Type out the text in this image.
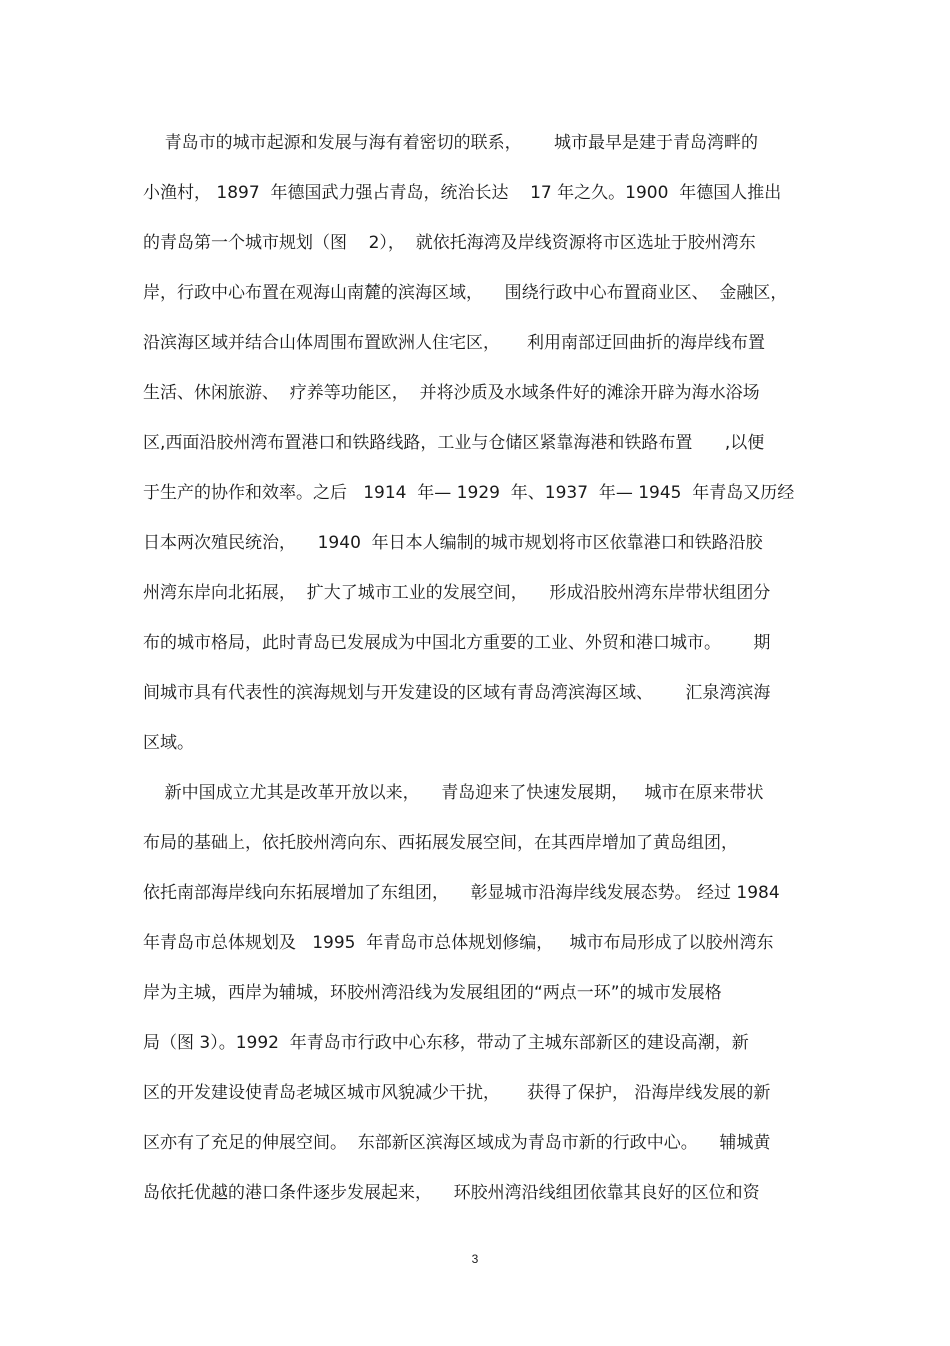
青岛市的城市起源和发展与海有着密切的联系，      城市最早是建于青岛湾畔的
小渔村， 1897  年德国武力强占青岛，统治长达    17 年之久。1900  年德国人推出
的青岛第一个城市规划（图    2），  就依托海湾及岸线资源将市区选址于胶州湾东
岸，行政中心布置在观海山南麓的滨海区域，    围绕行政中心布置商业区、  金融区，
沿滨海区域并结合山体周围布置欧洲人住宅区，     利用南部迂回曲折的海岸线布置
生活、休闲旅游、  疗养等功能区，  并将沙质及水域条件好的滩涂开辟为海水浴场
区,西面沿胶州湾布置港口和铁路线路，工业与仓储区紧靠海港和铁路布置      ,以便
于生产的协作和效率。之后   1914  年— 1929  年、1937  年— 1945  年青岛又历经
日本两次殖民统治，    1940  年日本人编制的城市规划将市区依靠港口和铁路沿胶
州湾东岸向北拓展，  扩大了城市工业的发展空间，    形成沿胶州湾东岸带状组团分
布的城市格局，此时青岛已发展成为中国北方重要的工业、外贸和港口城市。      期
间城市具有代表性的滨海规划与开发建设的区域有青岛湾滨海区域、      汇泉湾滨海
区域。
新中国成立尤其是改革开放以来，    青岛迎来了快速发展期，   城市在原来带状
布局的基础上，依托胶州湾向东、西拓展发展空间，在其西岸增加了黄岛组团，
依托南部海岸线向东拓展增加了东组团，    彰显城市沿海岸线发展态势。 经过 1984
年青岛市总体规划及   1995  年青岛市总体规划修编，   城市布局形成了以胶州湾东
岸为主城，西岸为辅城，环胶州湾沿线为发展组团的“两点一环”的城市发展格
局（图 3）。1992  年青岛市行政中心东移，带动了主城东部新区的建设高潮，新
区的开发建设使青岛老城区城市风貌减少干扰，     获得了保护， 沿海岸线发展的新
区亦有了充足的伸展空间。  东部新区滨海区域成为青岛市新的行政中心。    辅城黄
岛依托优越的港口条件逐步发展起来，    环胶州湾沿线组团依靠其良好的区位和资
3
